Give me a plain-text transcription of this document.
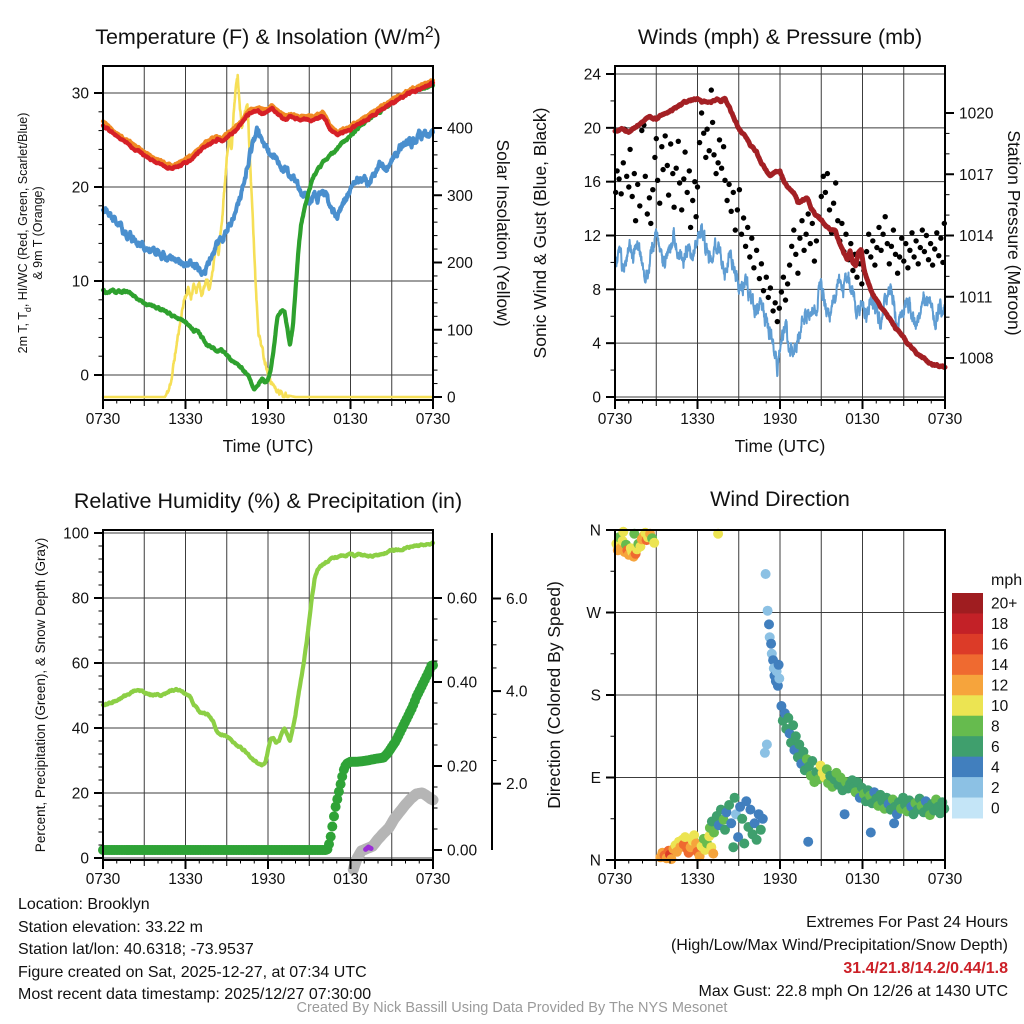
0730	1330	1930	0130	0730
Time (UTC)
0
10
20
30
0
100
200
300
400
2m T, $T_d$, HI/WC (Red, Green, Scarlet/Blue) & 9m T (Orange)	Solar Insolation (Yellow)
Temperature (F) & Insolation $(W/m^2)$
0730	1330	1930	0130	0730
Time (UTC)
0
4
8
12
16
20
24
1008
1011
1014
1017
1020
Sonic Wind & Gust (Blue, Black)	Station Pressure (Maroon)
Winds (mph) & Pressure (mb)
0730	1330	1930	0130	0730
0
20
40
60
80
100
0.00
0.20
0.40
0.60
2.0
4.0
6.0
Percent, Precipitation (Green), & Snow Depth (Gray)
Relative Humidity (%) & Precipitation (in)
0730	1330	1930	0130	0730
N
E
S
W
N
Direction (Colored By Speed)
Wind Direction
20+
18
16
14
12
10
8
6
4
2
0
mph
Location: Brooklyn
Station elevation: 33.22 m
Station lat/lon: 40.6318; -73.9537
Figure created on Sat, 2025-12-27, at 07:34 UTC
Most recent data timestamp: 2025/12/27 07:30:00
Extremes For Past 24 Hours
(High/Low/Max Wind/Precipitation/Snow Depth)
31.4/21.8/14.2/0.44/1.8
Max Gust: 22.8 mph On 12/26 at 1430 UTC
Created By Nick Bassill Using Data Provided By The NYS Mesonet
